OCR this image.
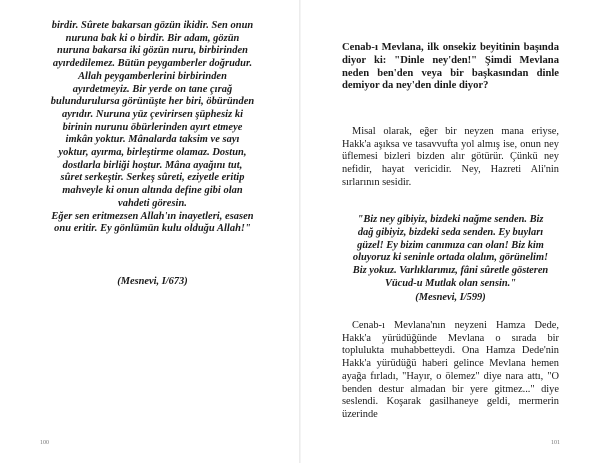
birdir. Sûrete bakarsan gözün ikidir. Sen onun
nuruna bak ki o birdir. Bir adam, gözün
nuruna bakarsa iki gözün nuru, birbirinden
ayırdedilemez. Bütün peygamberler doğrudur.
Allah peygamberlerini birbirinden
ayırdetmeyiz. Bir yerde on tane çırağ
bulundurulursa görünüşte her biri, öbüründen
ayrıdır. Nuruna yüz çevirirsen şüphesiz ki
birinin nurunu öbürlerinden ayırt etmeye
imkân yoktur. Mânalarda taksim ve sayı
yoktur, ayırma, birleştirme olamaz. Dostun,
dostlarla birliği hoştur. Mâna ayağını tut,
sûret serkeştir. Serkeş sûreti, eziyetle eritip
mahveyle ki onun altında define gibi olan
vahdeti göresin.
Eğer sen eritmezsen Allah'ın inayetleri, esasen
onu eritir. Ey gönlümün kulu olduğu Allah!"

(Mesnevi, I/673)

100

Cenab-ı Mevlana, ilk onsekiz beyitinin başında diyor ki: "Dinle ney'den!" Şimdi Mevlana neden ben'den veya bir başkasından dinle demiyor da ney'den dinle diyor?

Misal olarak, eğer bir neyzen mana eriyse, Hakk'a aşıksa ve tasavvufta yol almış ise, onun ney üflemesi bizleri bizden alır götürür. Çünkü ney nefidir, hayat vericidir. Ney, Hazreti Ali'nin sırlarının sesidir.

"Biz ney gibiyiz, bizdeki nağme senden. Biz
dağ gibiyiz, bizdeki seda senden. Ey buyları
güzel! Ey bizim canımıza can olan! Biz kim
oluyoruz ki seninle ortada olalım, görünelim!
Biz yokuz. Varlıklarımız, fâni sûretle gösteren
Vücud-u Mutlak olan sensin."

(Mesnevi, I/599)

Cenab-ı Mevlana'nın neyzeni Hamza Dede, Hakk'a yürüdüğünde Mevlana o sırada bir toplulukta muhabbetteydi. Ona Hamza Dede'nin Hakk'a yürüdüğü haberi gelince Mevlana hemen ayağa fırladı, "Hayır, o ölemez" diye nara attı, "O benden destur almadan bir yere gitmez..." diye seslendi. Koşarak gasilhaneye geldi, mermerin üzerinde

101
